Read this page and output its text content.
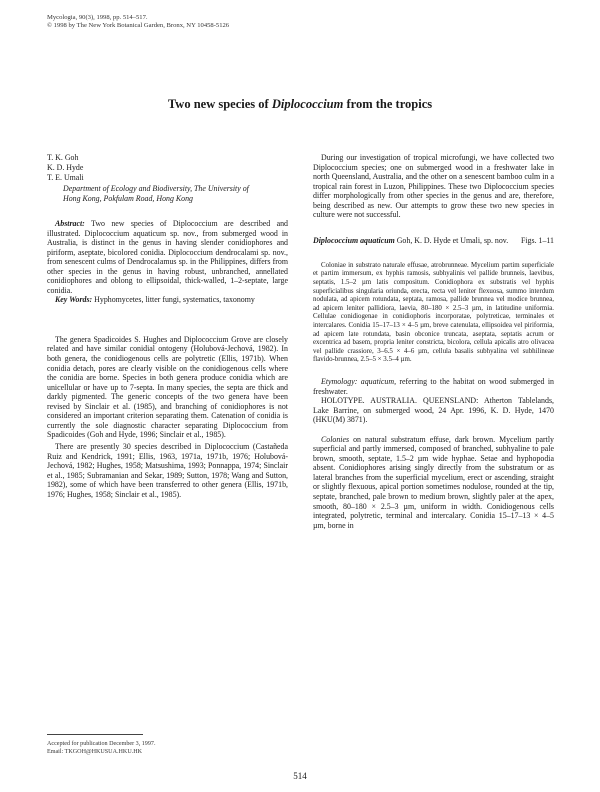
Mycologia, 90(3), 1998, pp. 514–517.
© 1998 by The New York Botanical Garden, Bronx, NY 10458-5126
Two new species of Diplococcium from the tropics
T. K. Goh
K. D. Hyde
T. E. Umali
Department of Ecology and Biodiversity, The University of Hong Kong, Pokfulam Road, Hong Kong

Abstract: Two new species of Diplococcium are described and illustrated. Diplococcium aquaticum sp. nov., from submerged wood in Australia, is distinct in the genus in having slender conidiophores and piriform, aseptate, bicolored conidia. Diplococcium dendrocalami sp. nov., from senescent culms of Dendrocalamus sp. in the Philippines, differs from other species in the genus in having robust, unbranched, annellated conidiophores and oblong to ellipsoidal, thick-walled, 1–2-septate, large conidia.

Key Words: Hyphomycetes, litter fungi, systematics, taxonomy

The genera Spadicoides S. Hughes and Diplococcium Grove are closely related and have similar conidial ontogeny (Holubová-Jechová, 1982). In both genera, the conidiogenous cells are polytretic (Ellis, 1971b). When conidia detach, pores are clearly visible on the conidiogenous cells where the conidia are borne. Species in both genera produce conidia which are unicellular or have up to 7-septa. In many species, the septa are thick and darkly pigmented. The generic concepts of the two genera have been revised by Sinclair et al. (1985), and branching of conidiophores is not considered an important criterion separating them. Catenation of conidia is currently the sole diagnostic character separating Diplococcium from Spadicoides (Goh and Hyde, 1996; Sinclair et al., 1985).

There are presently 30 species described in Diplococcium (Castañeda Ruiz and Kendrick, 1991; Ellis, 1963, 1971a, 1971b, 1976; Holubová-Jechová, 1982; Hughes, 1958; Matsushima, 1993; Ponnappa, 1974; Sinclair et al., 1985; Subramanian and Sekar, 1989; Sutton, 1978; Wang and Sutton, 1982), some of which have been transferred to other genera (Ellis, 1971b, 1976; Hughes, 1958; Sinclair et al., 1985).

Accepted for publication December 3, 1997.
Email: TKGOH@HKUSUA.HKU.HK

During our investigation of tropical microfungi, we have collected two Diplococcium species; one on submerged wood in a freshwater lake in north Queensland, Australia, and the other on a senescent bamboo culm in a tropical rain forest in Luzon, Philippines. These two Diplococcium species differ morphologically from other species in the genus and are, therefore, being described as new. Our attempts to grow these two new species in culture were not successful.

Diplococcium aquaticum Goh, K. D. Hyde et Umali, sp. nov. Figs. 1–11

Coloniae in substrato naturale effusae, atrobrunneae. Mycelium partim superficiale et partim immersum, ex hyphis ramosis, subhyalinis vel pallide brunneis, laevibus, septatis, 1.5–2 µm latis compositum. Conidiophora ex substratis vel hyphis superficialibus singularia oriunda, erecta, recta vel leniter flexuosa, summo interdum nodulata, ad apicem rotundata, septata, ramosa, pallide brunnea vel modice brunnea, ad apicem leniter pallidiora, laevia, 80–180 × 2.5–3 µm, in latitudine uniformia. Cellulae conidiogenae in conidiophoris incorporatae, polytreticae, terminales et intercalares. Conidia 15–17–13 × 4–5 µm, breve catenulata, ellipsoidea vel piriformia, ad apicem late rotundata, basin obconice truncata, aseptata, septatis acrum or excentrica ad basem, propria leniter constricta, bicolora, cellula apicalis atro olivacea vel pallide crassiore, 3–6.5 × 4–6 µm, cellula basalis subhyalina vel subhilineae flavido-brunnea, 2.5–5 × 3.5–4 µm.

Etymology: aquaticum, referring to the habitat on wood submerged in freshwater.

HOLOTYPE. AUSTRALIA. QUEENSLAND: Atherton Tablelands, Lake Barrine, on submerged wood, 24 Apr. 1996, K. D. Hyde, 1470 (HKU(M) 3871).

Colonies on natural substratum effuse, dark brown. Mycelium partly superficial and partly immersed, composed of branched, subhyaline to pale brown, smooth, septate, 1.5–2 µm wide hyphae. Setae and hyphopodia absent. Conidiophores arising singly directly from the substratum or as lateral branches from the superficial mycelium, erect or ascending, straight or slightly flexuous, apical portion sometimes nodulose, rounded at the tip, septate, branched, pale brown to medium brown, slightly paler at the apex, smooth, 80–180 × 2.5–3 µm, uniform in width. Conidiogenous cells integrated, polytretic, terminal and intercalary. Conidia 15–17–13 × 4–5 µm, borne in

514
